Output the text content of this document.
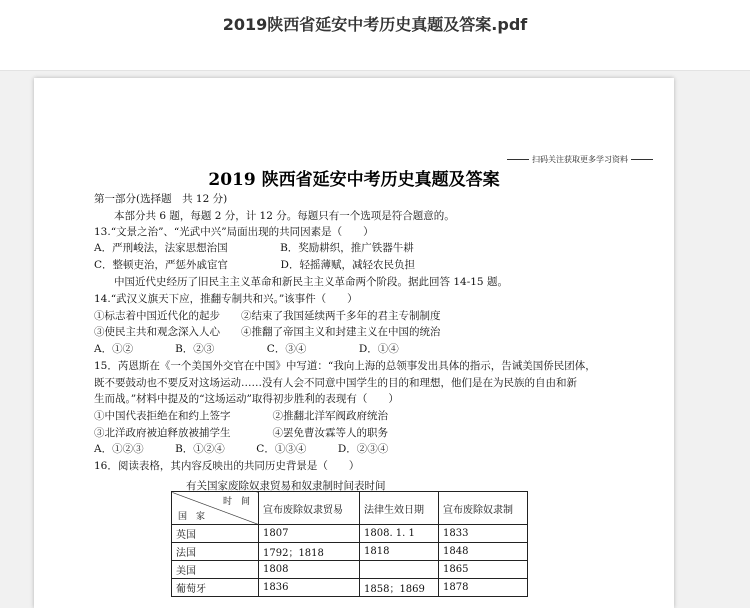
2019陕西省延安中考历史真题及答案.pdf
扫码关注获取更多学习资料
2019 陕西省延安中考历史真题及答案
第一部分(选择题　共 12 分)
本部分共 6 题，每题 2 分，计 12 分。每题只有一个选项是符合题意的。
13.“文景之治”、“光武中兴”局面出现的共同因素是（　　）
A．严刑峻法，法家思想治国　　　　　B．奖励耕织，推广铁器牛耕
C．整顿吏治，严惩外戚宦官　　　　　D．轻摇薄赋，减轻农民负担
中国近代史经历了旧民主主义革命和新民主主义革命两个阶段。据此回答 14-15 题。
14.“武汉义旗天下应，推翻专制共和兴。”该事件（　　）
①标志着中国近代化的起步　　②结束了我国延续两千多年的君主专制制度
③使民主共和观念深入人心　　④推翻了帝国主义和封建主义在中国的统治
A．①②　　　　B．②③　　　　　C．③④　　　　　D．①④
15．芮恩斯在《一个美国外交官在中国》中写道：“我向上海的总领事发出具体的指示，告诫美国侨民团体，
既不要鼓动也不要反对这场运动……没有人会不同意中国学生的目的和理想，他们是在为民族的自由和新
生而战。”材料中提及的“这场运动”取得初步胜利的表现有（　　）
①中国代表拒绝在和约上签字　　　　②推翻北洋军阀政府统治
③北洋政府被迫释放被捕学生　　　　④罢免曹汝霖等人的职务
A．①②③　　　B．①②④　　　C．①③④　　　D．②③④
16．阅读表格，其内容反映出的共同历史背景是（　　）
有关国家废除奴隶贸易和奴隶制时间表时间
时　间
国　家	宣布废除奴隶贸易	法律生效日期	宣布废除奴隶制
英国	1807	1808. 1. 1	1833
法国	1792；1818	1818	1848
美国	1808		1865
葡萄牙	1836	1858；1869	1878
